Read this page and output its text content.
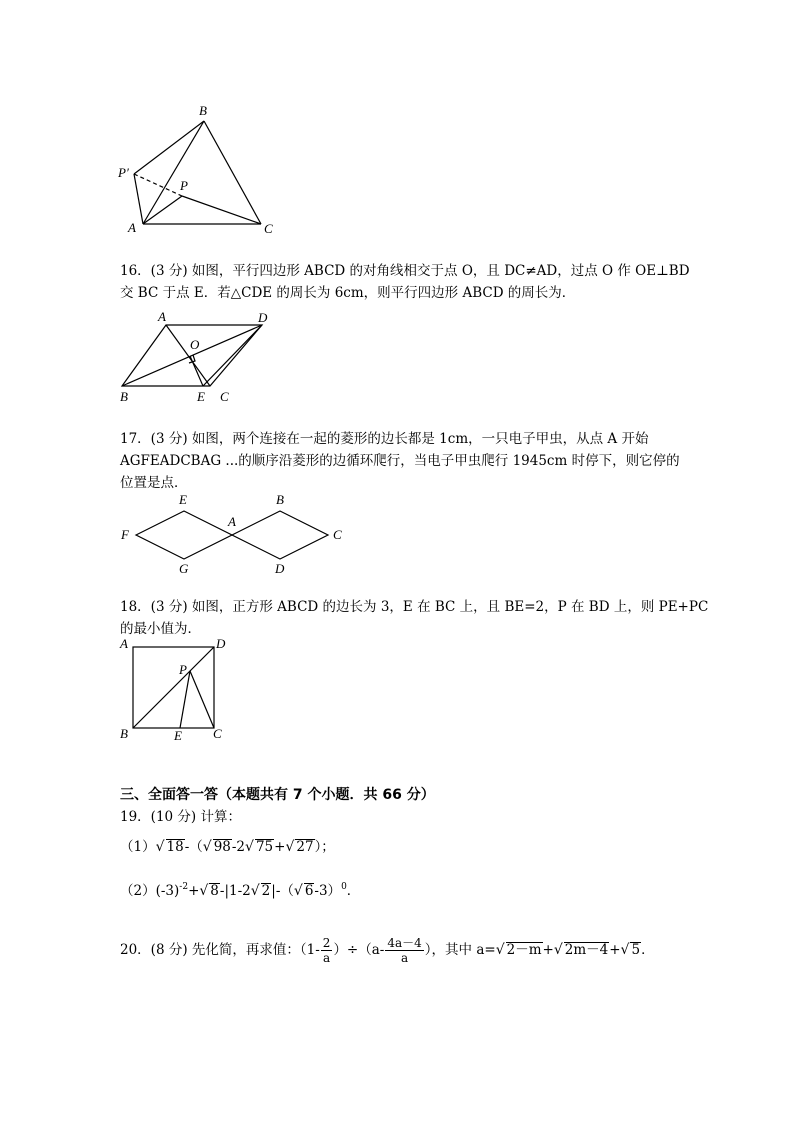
B
P′
P
A	C
16．(3 分) 如图，平行四边形 ABCD 的对角线相交于点 O，且 DC≠AD，过点 O 作 OE⊥BD
交 BC 于点 E．若△CDE 的周长为 6cm，则平行四边形 ABCD 的周长为．
A	D
O
B	E C
17．(3 分) 如图，两个连接在一起的菱形的边长都是 1cm，一只电子甲虫，从点 A 开始
AGFEADCBAG ...的顺序沿菱形的边循环爬行，当电子甲虫爬行 1945cm 时停下，则它停的
位置是点．
E
F
A
G
B
C
D
18．(3 分) 如图，正方形 ABCD 的边长为 3，E 在 BC 上，且 BE=2，P 在 BD 上，则 PE+PC
的最小值为．
A	D
P
B	E C
三、全面答一答（本题共有 7 个小题．共 66 分）
19．(10 分) 计算：
（1）√ 18-（√ 98-2√ 75+√ 27）；
$(2)(-3)^{-2}+√$ 8-|1-2√ 2|-（√ 6-3）$^0$．
20．(8 分) 先化简，再求值：$(1- \frac{2}{a} )\div(a- \frac{4a-4}{a}$ ），其中 a=√ 2－m+√ 2m－4+√ 5．
